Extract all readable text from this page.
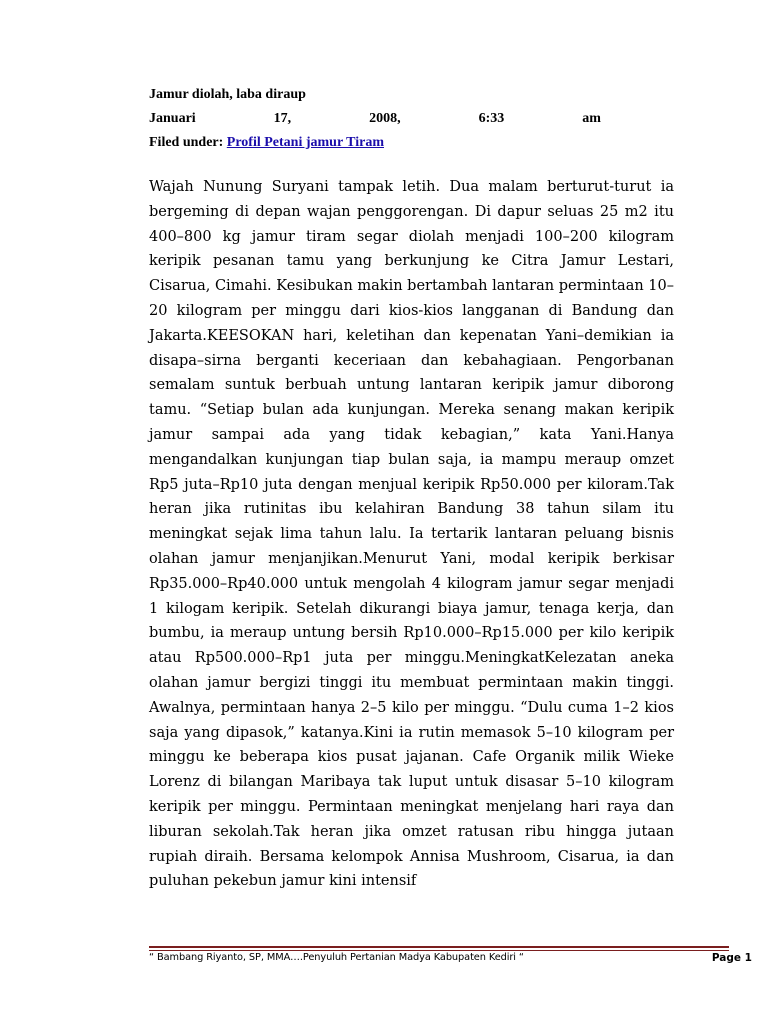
Jamur diolah, laba diraup
Januari	17,	2008,	6:33	am
Filed under: Profil Petani jamur Tiram
Wajah Nunung Suryani tampak letih. Dua malam berturut-turut ia bergeming di depan wajan penggorengan. Di dapur seluas 25 m2 itu 400–800 kg jamur tiram segar diolah menjadi 100–200 kilogram keripik pesanan tamu yang berkunjung ke Citra Jamur Lestari, Cisarua, Cimahi. Kesibukan makin bertambah lantaran permintaan 10–20 kilogram per minggu dari kios-kios langganan di Bandung dan Jakarta.KEESOKAN hari, keletihan dan kepenatan Yani–demikian ia disapa–sirna berganti keceriaan dan kebahagiaan. Pengorbanan semalam suntuk berbuah untung lantaran keripik jamur diborong tamu. “Setiap bulan ada kunjungan. Mereka senang makan keripik jamur sampai ada yang tidak kebagian,” kata Yani.Hanya mengandalkan kunjungan tiap bulan saja, ia mampu meraup omzet Rp5 juta–Rp10 juta dengan menjual keripik Rp50.000 per kiloram.Tak heran jika rutinitas ibu kelahiran Bandung 38 tahun silam itu meningkat sejak lima tahun lalu. Ia tertarik lantaran peluang bisnis olahan jamur menjanjikan.Menurut Yani, modal keripik berkisar Rp35.000–Rp40.000 untuk mengolah 4 kilogram jamur segar menjadi 1 kilogam keripik. Setelah dikurangi biaya jamur, tenaga kerja, dan bumbu, ia meraup untung bersih Rp10.000–Rp15.000 per kilo keripik atau Rp500.000–Rp1 juta per minggu.MeningkatKelezatan aneka olahan jamur bergizi tinggi itu membuat permintaan makin tinggi. Awalnya, permintaan hanya 2–5 kilo per minggu. “Dulu cuma 1–2 kios saja yang dipasok,” katanya.Kini ia rutin memasok 5–10 kilogram per minggu ke beberapa kios pusat jajanan. Cafe Organik milik Wieke Lorenz di bilangan Maribaya tak luput untuk disasar 5–10 kilogram keripik per minggu. Permintaan meningkat menjelang hari raya dan liburan sekolah.Tak heran jika omzet ratusan ribu hingga jutaan rupiah diraih. Bersama kelompok Annisa Mushroom, Cisarua, ia dan puluhan pekebun jamur kini intensif
“ Bambang Riyanto, SP, MMA….Penyuluh Pertanian Madya Kabupaten Kediri “	Page 1
